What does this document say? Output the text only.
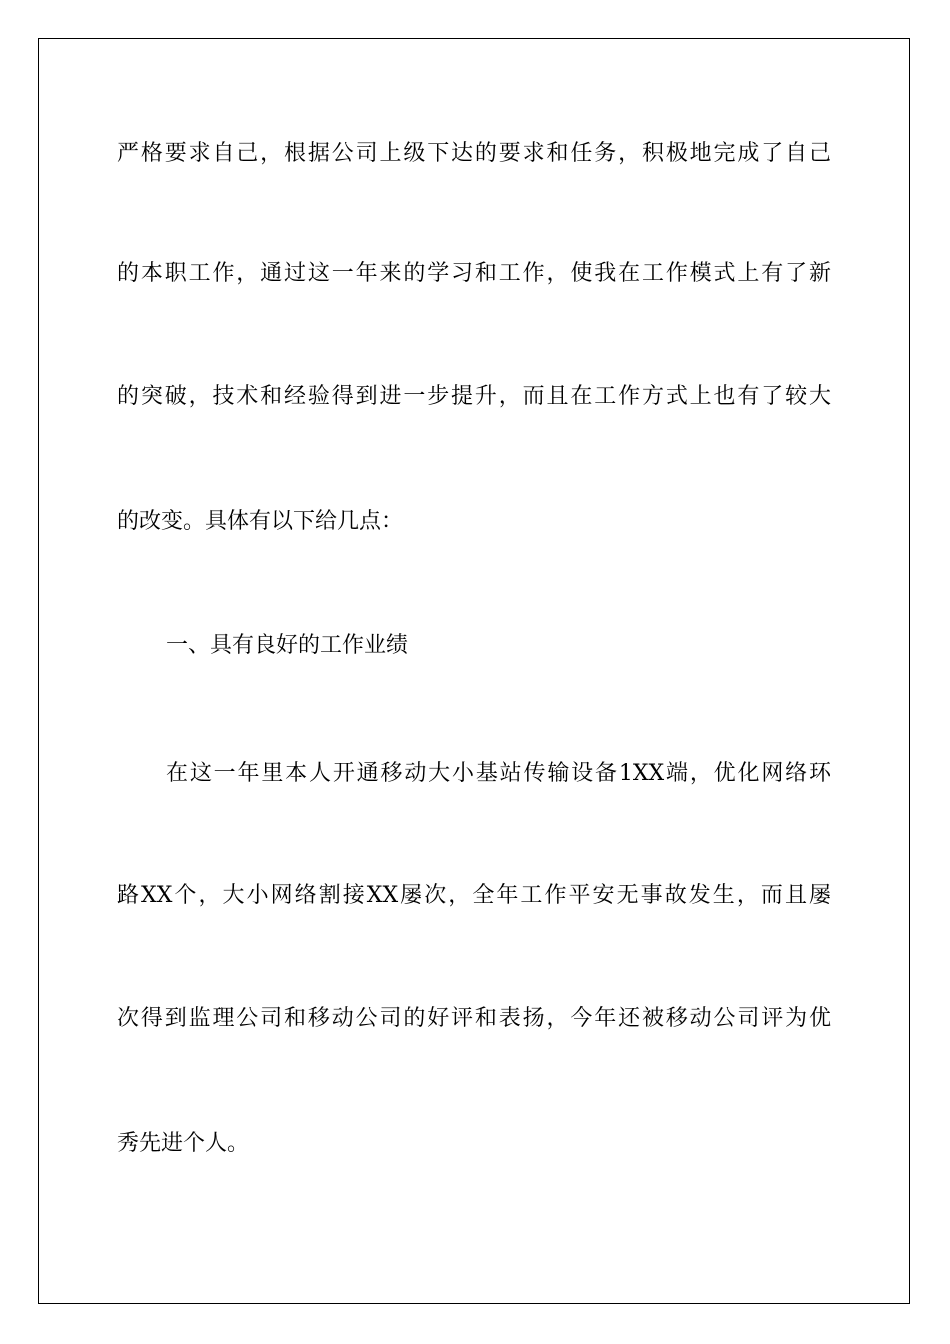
严格要求自己，根据公司上级下达的要求和任务，积极地完成了自己
的本职工作，通过这一年来的学习和工作，使我在工作模式上有了新
的突破，技术和经验得到进一步提升，而且在工作方式上也有了较大
的改变。具体有以下给几点：
一、具有良好的工作业绩
在这一年里本人开通移动大小基站传输设备1XX端，优化网络环
路XX个，大小网络割接XX屡次，全年工作平安无事故发生，而且屡
次得到监理公司和移动公司的好评和表扬，今年还被移动公司评为优
秀先进个人。
